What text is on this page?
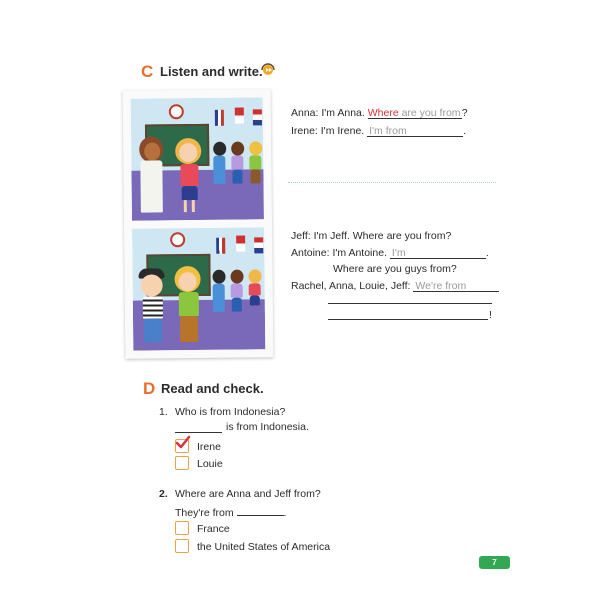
C Listen and write.
Anna: I'm Anna. Where are you from?
Irene: I'm Irene. I'm from	.
Jeff: I'm Jeff. Where are you from?
Antoine: I'm Antoine. I'm	.
Where are you guys from?
Rachel, Anna, Louie, Jeff: We're from
!
D Read and check.
1. Who is from Indonesia?
is from Indonesia.
Irene
Louie
2. Where are Anna and Jeff from?
They're from	.
France
the United States of America
7
